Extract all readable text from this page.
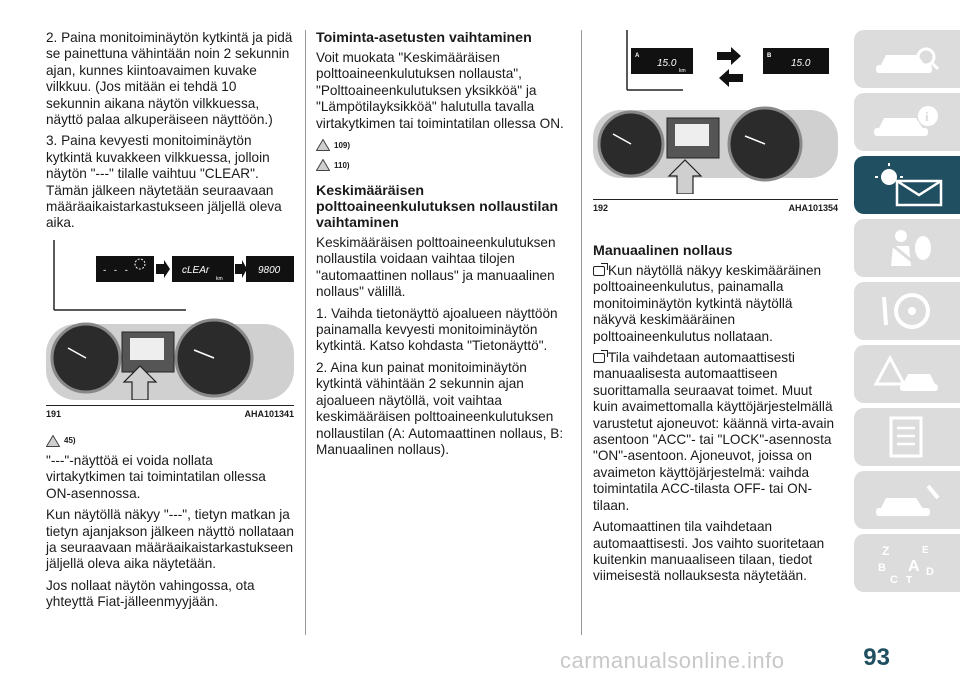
2. Paina monitoiminäytön kytkintä ja pidä se painettuna vähintään noin 2 sekunnin ajan, kunnes kiintoavaimen kuvake vilkkuu. (Jos mitään ei tehdä 10 sekunnin aikana näytön vilkkuessa, näyttö palaa alkuperäiseen näyttöön.)

3. Paina kevyesti monitoiminäytön kytkintä kuvakkeen vilkkuessa, jolloin näytön "---" tilalle vaihtuu "CLEAR". Tämän jälkeen näytetään seuraavaan määräaikaistarkastukseen jäljellä oleva aika.

- - -	cLEAr	9800
km
191	AHA101341
45)

"---"-näyttöä ei voida nollata virtakytkimen tai toimintatilan ollessa ON-asennossa.

Kun näytöllä näkyy "---", tietyn matkan ja tietyn ajanjakson jälkeen näyttö nollataan ja seuraavaan määräaikaistarkastukseen jäljellä oleva aika näytetään.

Jos nollaat näytön vahingossa, ota yhteyttä Fiat-jälleenmyyjään.

Toiminta-asetusten vaihtaminen

Voit muokata "Keskimääräisen polttoaineenkulutuksen nollausta", "Polttoaineenkulutuksen yksikköä" ja "Lämpötilayksikköä" halutulla tavalla virtakytkimen tai toimintatilan ollessa ON.

109)
110)
Keskimääräisen polttoaineenkulutuksen nollaustilan vaihtaminen

Keskimääräisen polttoaineenkulutuksen nollaustila voidaan vaihtaa tilojen "automaattinen nollaus" ja manuaalinen nollaus" välillä.

1. Vaihda tietonäyttö ajoalueen näyttöön painamalla kevyesti monitoiminäytön kytkintä. Katso kohdasta "Tietonäyttö".

2. Aina kun painat monitoiminäytön kytkintä vähintään 2 sekunnin ajan ajoalueen näytöllä, voit vaihtaa keskimääräisen polttoaineenkulutuksen nollaustilan (A: Automaattinen nollaus, B: Manuaalinen nollaus).

A	B
15.0	15.0
km
192	AHA101354
Manuaalinen nollaus

Kun näytöllä näkyy keskimääräinen polttoaineenkulutus, painamalla monitoiminäytön kytkintä näytöllä näkyvä keskimääräinen polttoaineenkulutus nollataan.

Tila vaihdetaan automaattisesti manuaalisesta automaattiseen suorittamalla seuraavat toimet. Muut kuin avaimettomalla käyttöjärjestelmällä varustetut ajoneuvot: käännä virta-avain asentoon "ACC"- tai "LOCK"-asennosta "ON"-asentoon. Ajoneuvot, joissa on avaimeton käyttöjärjestelmä: vaihda toimintatila ACC-tilasta OFF- tai ON-tilaan.

Automaattinen tila vaihdetaan automaattisesti. Jos vaihto suoritetaan kuitenkin manuaaliseen tilaan, tiedot viimeisestä nollauksesta näytetään.

i
Z	E
B A
C T
D
93
carmanualsonline.info
